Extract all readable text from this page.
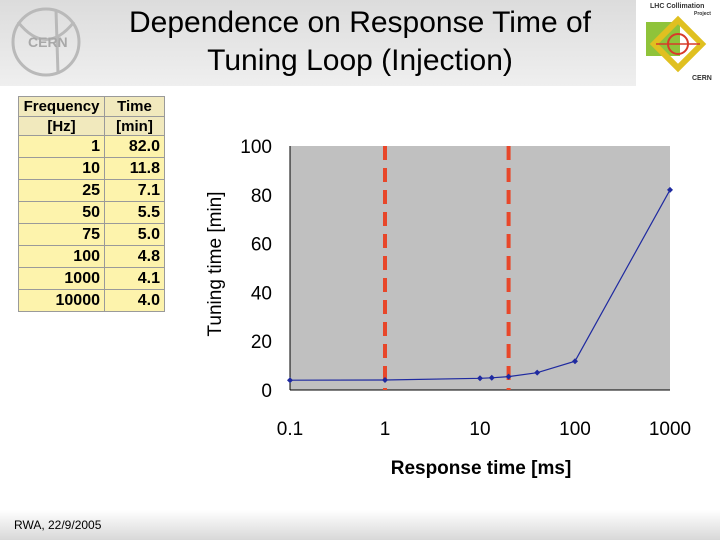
CERN
Dependence on Response Time of
Tuning Loop (Injection)
LHC Collimation
Project
CERN
Frequency	Time
[Hz]	[min]
1	82.0
10	11.8
25	7.1
50	5.5
75	5.0
100	4.8
1000	4.1
10000	4.0
0
20
40
60
80
100
0.1	1	10	100	1000
Response time [ms]
Tuning time [min]
RWA, 22/9/2005
